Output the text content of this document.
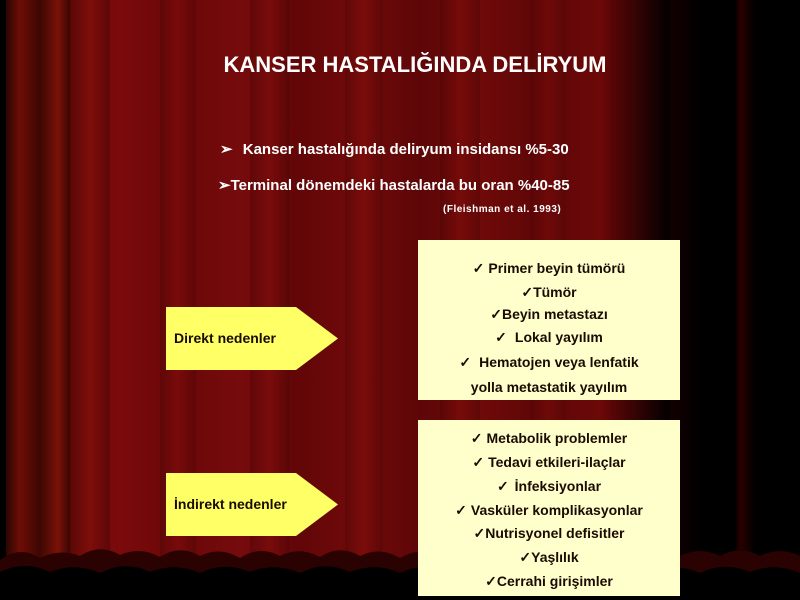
KANSER HASTALIĞINDA DELİRYUM
➢ Kanser hastalığında deliryum insidansı %5-30
➢Terminal dönemdeki hastalarda bu oran %40-85
(Fleishman et al. 1993)
Direkt nedenler
✓ Primer beyin tümörü
✓Tümör
✓Beyin metastazı
✓ Lokal yayılım
✓ Hematojen veya lenfatik
yolla metastatik yayılım
İndirekt nedenler
✓ Metabolik problemler
✓ Tedavi etkileri-ilaçlar
✓ İnfeksiyonlar
✓ Vasküler komplikasyonlar
✓Nutrisyonel defisitler
✓Yaşlılık
✓Cerrahi girişimler
